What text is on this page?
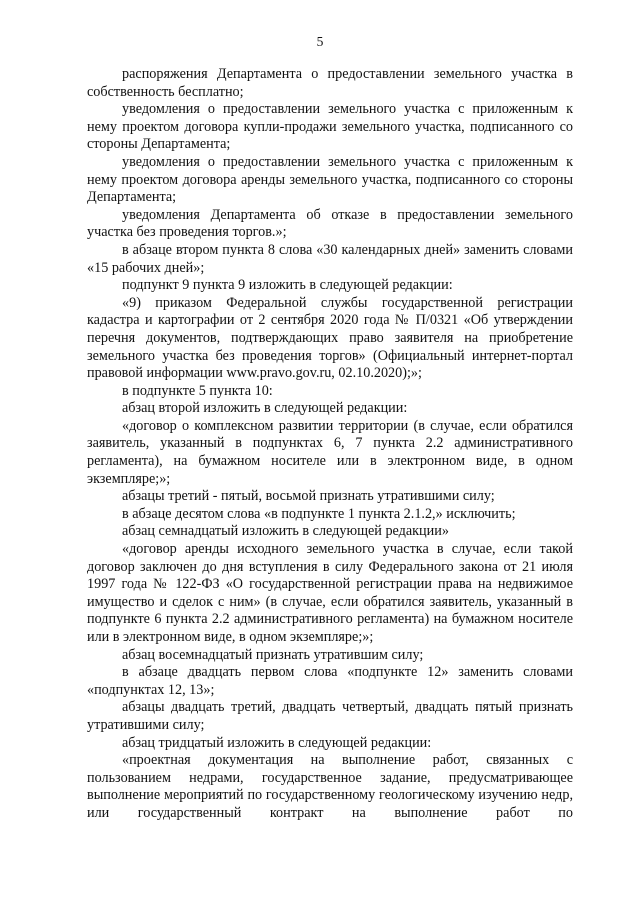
5

распоряжения Департамента о предоставлении земельного участка в собственность бесплатно;

уведомления о предоставлении земельного участка с приложенным к нему проектом договора купли-продажи земельного участка, подписанного со стороны Департамента;

уведомления о предоставлении земельного участка с приложенным к нему проектом договора аренды земельного участка, подписанного со стороны Департамента;

уведомления Департамента об отказе в предоставлении земельного участка без проведения торгов.»;

в абзаце втором пункта 8 слова «30 календарных дней» заменить словами «15 рабочих дней»;

подпункт 9 пункта 9 изложить в следующей редакции:

«9) приказом Федеральной службы государственной регистрации кадастра и картографии от 2 сентября 2020 года № П/0321 «Об утверждении перечня документов, подтверждающих право заявителя на приобретение земельного участка без проведения торгов» (Официальный интернет-портал правовой информации www.pravo.gov.ru, 02.10.2020);»;

в подпункте 5 пункта 10:

абзац второй изложить в следующей редакции:

«договор о комплексном развитии территории (в случае, если обратился заявитель, указанный в подпунктах 6, 7 пункта 2.2 административного регламента), на бумажном носителе или в электронном виде, в одном экземпляре;»;

абзацы третий - пятый, восьмой признать утратившими силу;

в абзаце десятом слова «в подпункте 1 пункта 2.1.2,» исключить;

абзац семнадцатый изложить в следующей редакции»

«договор аренды исходного земельного участка в случае, если такой договор заключен до дня вступления в силу Федерального закона от 21 июля 1997 года № 122-ФЗ «О государственной регистрации права на недвижимое имущество и сделок с ним» (в случае, если обратился заявитель, указанный в подпункте 6 пункта 2.2 административного регламента) на бумажном носителе или в электронном виде, в одном экземпляре;»;

абзац восемнадцатый признать утратившим силу;

в абзаце двадцать первом слова «подпункте 12» заменить словами «подпунктах 12, 13»;

абзацы двадцать третий, двадцать четвертый, двадцать пятый признать утратившими силу;

абзац тридцатый изложить в следующей редакции:

«проектная документация на выполнение работ, связанных с пользованием недрами, государственное задание, предусматривающее выполнение мероприятий по государственному геологическому изучению недр, или государственный контракт на выполнение работ по
